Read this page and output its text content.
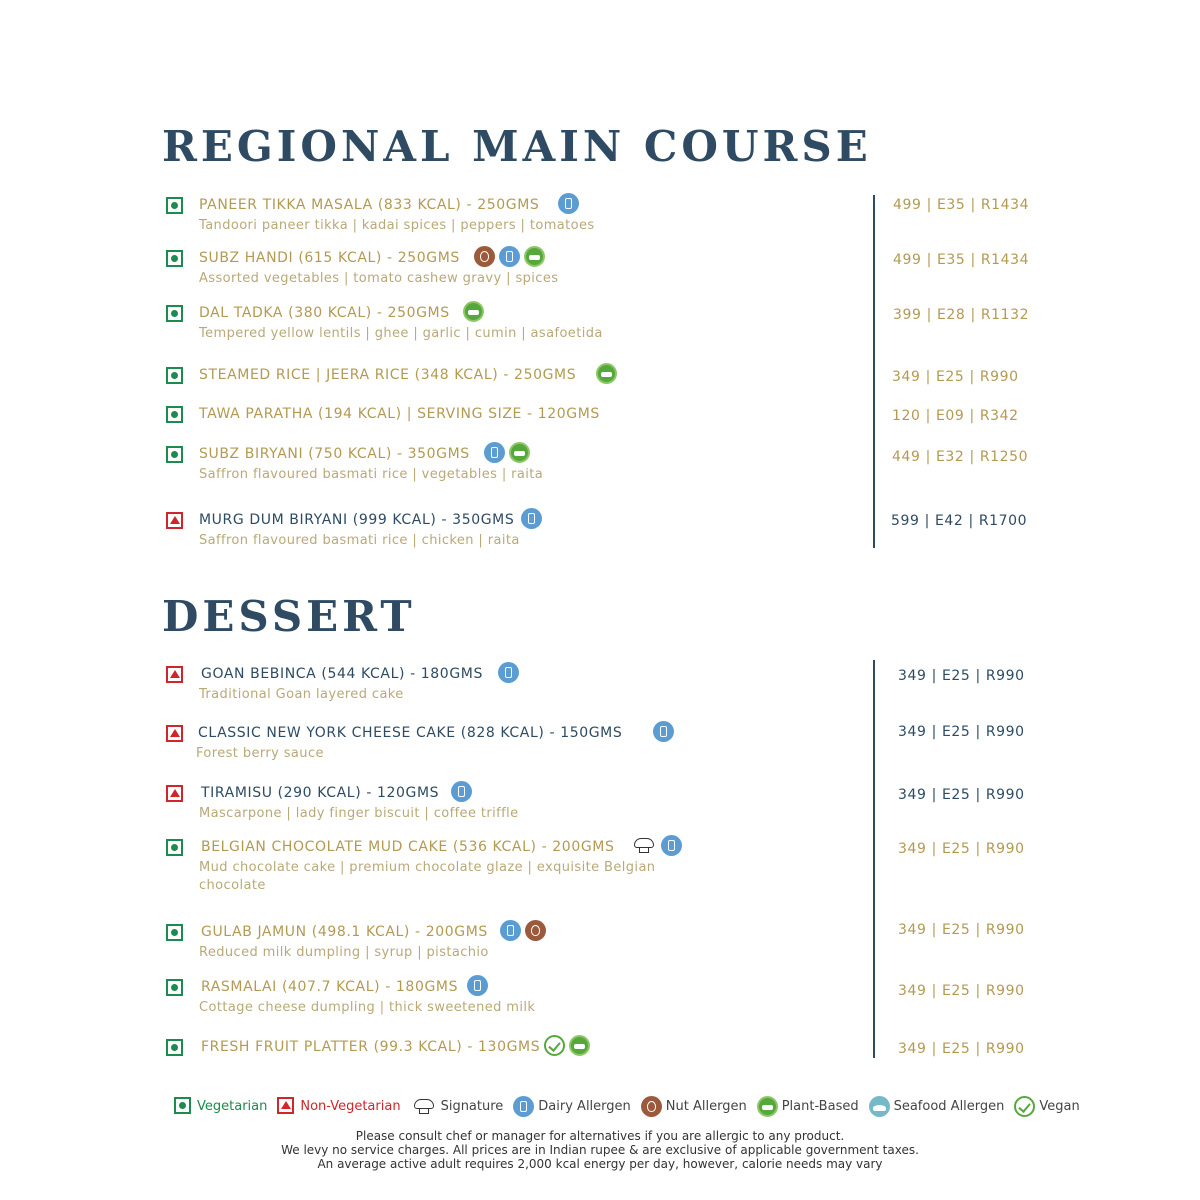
REGIONAL MAIN COURSE
PANEER TIKKA MASALA (833 KCAL) - 250GMS
Tandoori paneer tikka | kadai spices | peppers | tomatoes
499 | E35 | R1434
SUBZ HANDI (615 KCAL) - 250GMS
Assorted vegetables | tomato cashew gravy | spices
499 | E35 | R1434
DAL TADKA (380 KCAL) - 250GMS
Tempered yellow lentils | ghee | garlic | cumin | asafoetida
399 | E28 | R1132
STEAMED RICE | JEERA RICE (348 KCAL) - 250GMS	349 | E25 | R990
TAWA PARATHA (194 KCAL) | SERVING SIZE - 120GMS	120 | E09 | R342
SUBZ BIRYANI (750 KCAL) - 350GMS
Saffron flavoured basmati rice | vegetables | raita
449 | E32 | R1250
MURG DUM BIRYANI (999 KCAL) - 350GMS
Saffron flavoured basmati rice | chicken | raita
599 | E42 | R1700
DESSERT
GOAN BEBINCA (544 KCAL) - 180GMS
Traditional Goan layered cake
349 | E25 | R990
CLASSIC NEW YORK CHEESE CAKE (828 KCAL) - 150GMS
Forest berry sauce
349 | E25 | R990
TIRAMISU (290 KCAL) - 120GMS
Mascarpone | lady finger biscuit | coffee triffle
349 | E25 | R990
BELGIAN CHOCOLATE MUD CAKE (536 KCAL) - 200GMS
Mud chocolate cake | premium chocolate glaze | exquisite Belgian chocolate
349 | E25 | R990
GULAB JAMUN (498.1 KCAL) - 200GMS
Reduced milk dumpling | syrup | pistachio
349 | E25 | R990
RASMALAI (407.7 KCAL) - 180GMS
Cottage cheese dumpling | thick sweetened milk
349 | E25 | R990
FRESH FRUIT PLATTER (99.3 KCAL) - 130GMS	349 | E25 | R990
Vegetarian	Non-Vegetarian	Signature	Dairy Allergen	Nut Allergen	Plant-Based	Seafood Allergen	Vegan
Please consult chef or manager for alternatives if you are allergic to any product.
We levy no service charges. All prices are in Indian rupee & are exclusive of applicable government taxes.
An average active adult requires 2,000 kcal energy per day, however, calorie needs may vary
